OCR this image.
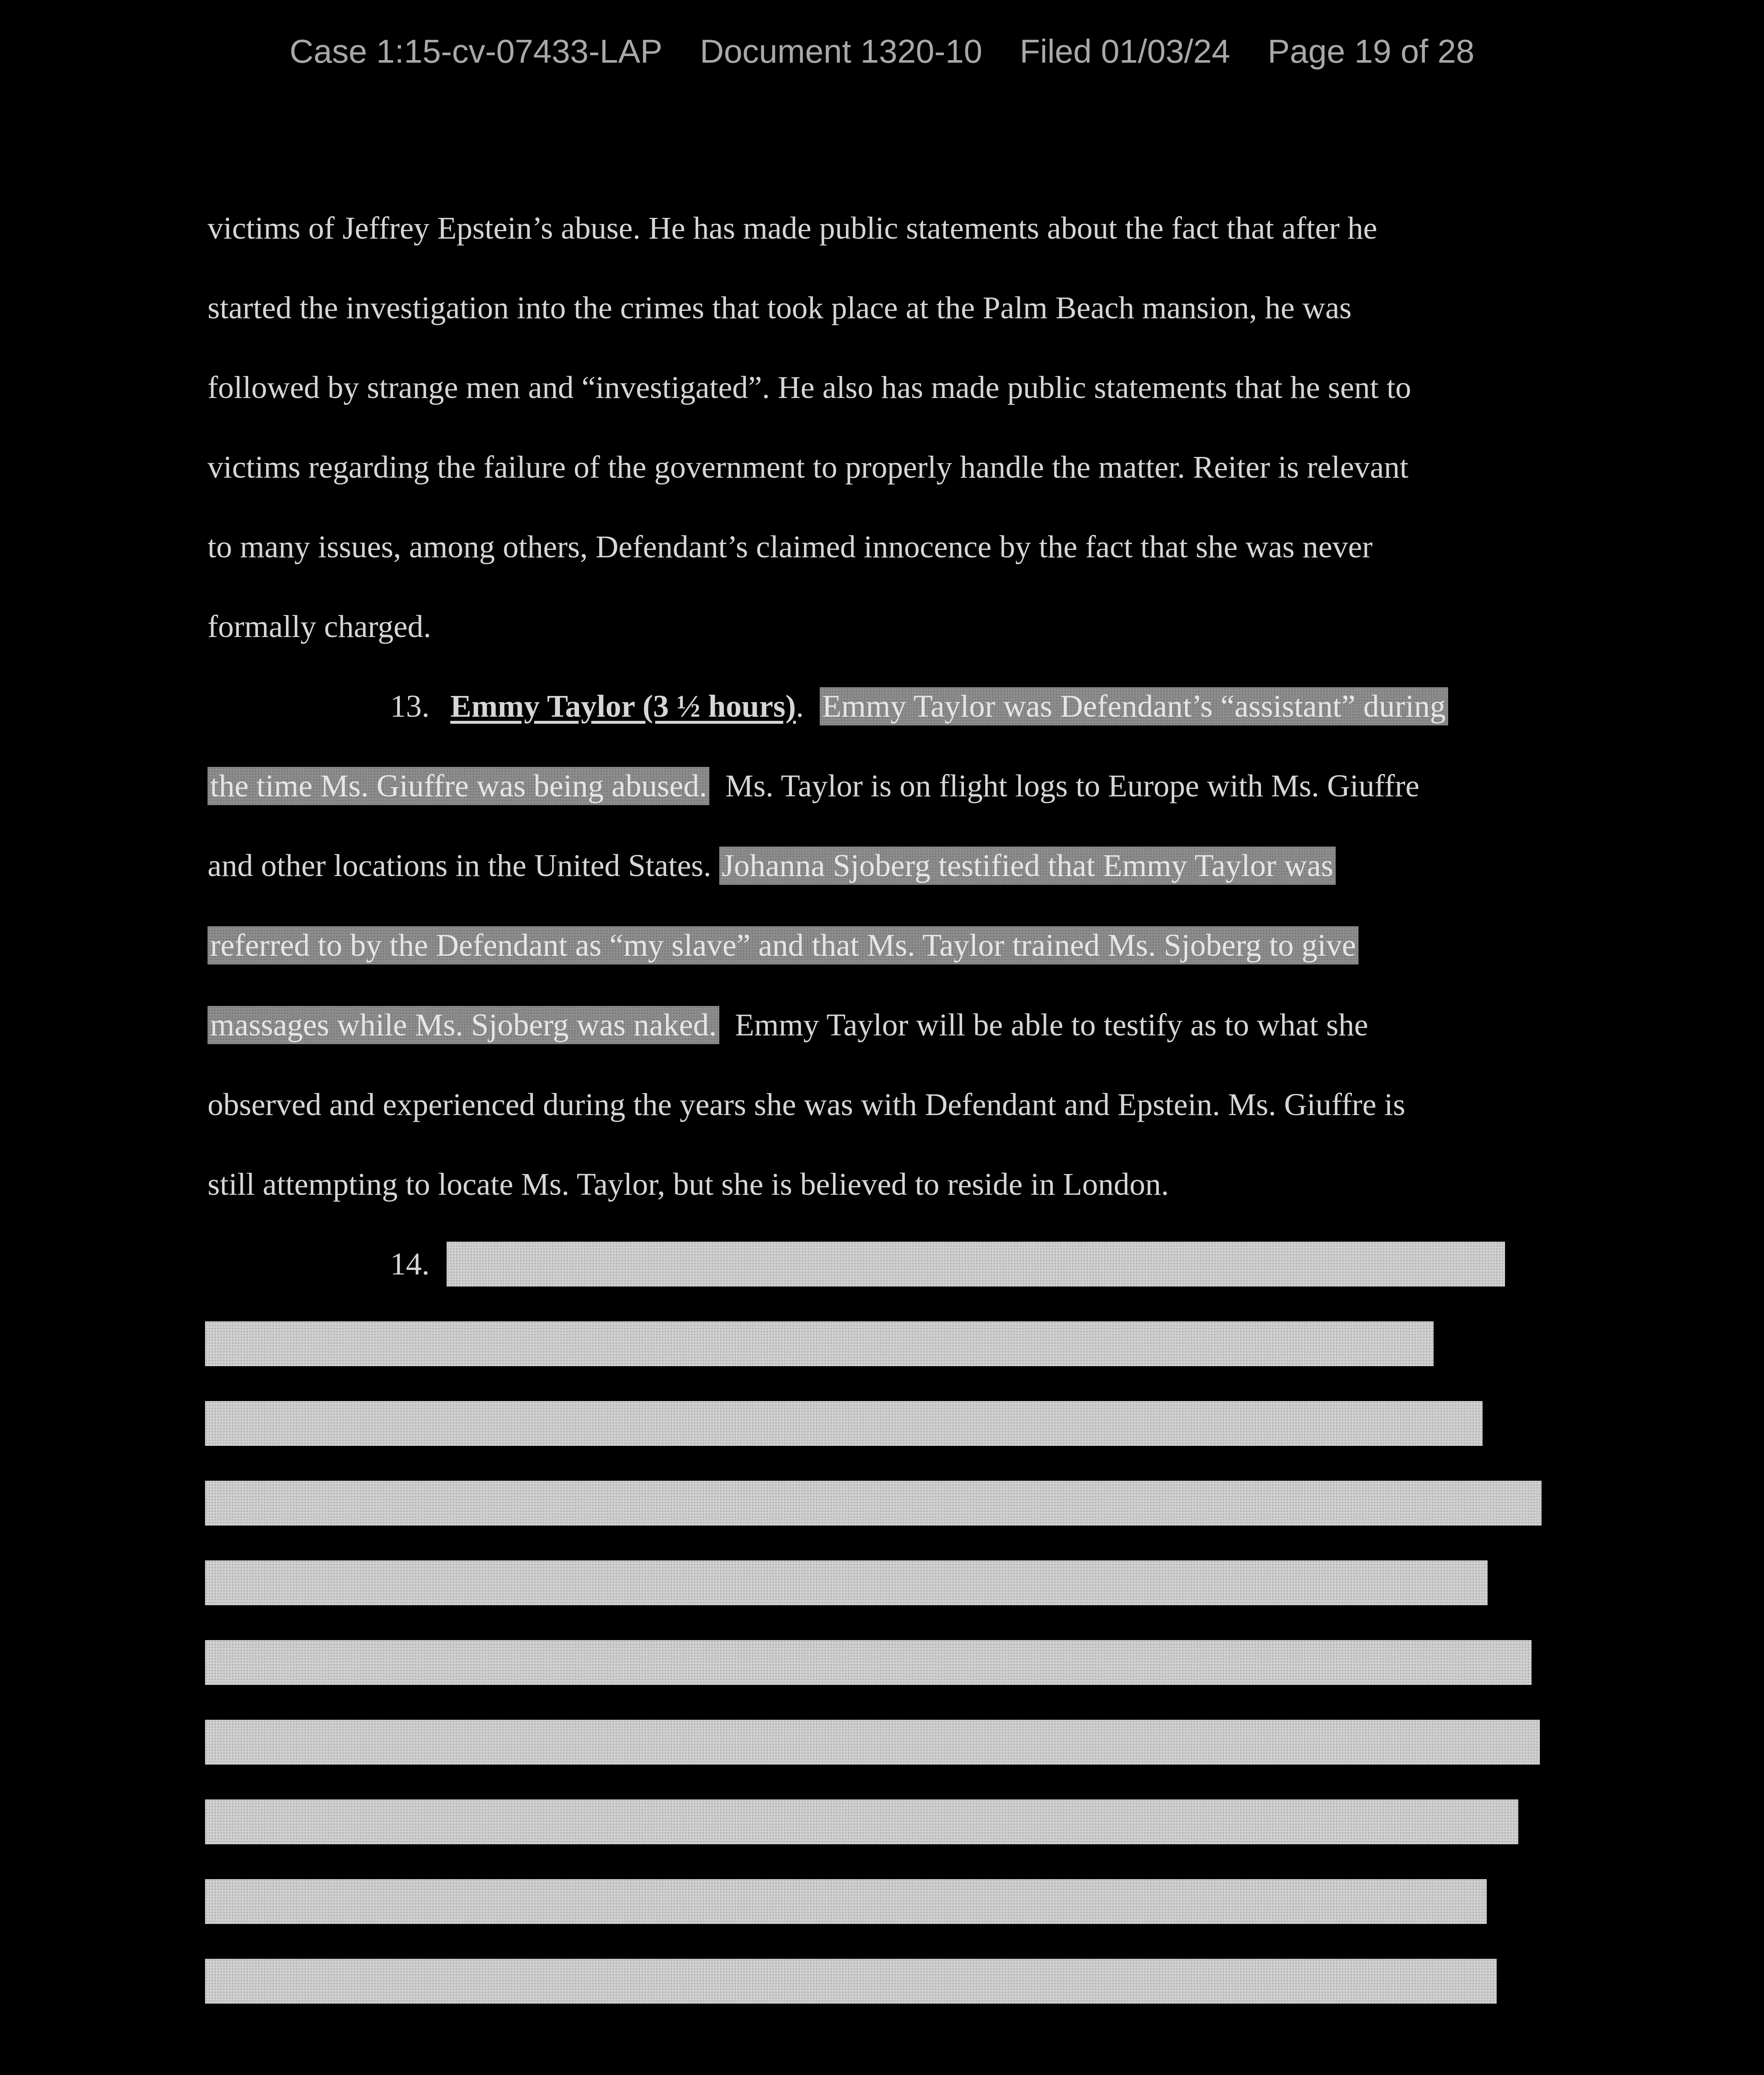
Case 1:15-cv-07433-LAP Document 1320-10 Filed 01/03/24 Page 19 of 28
victims of Jeffrey Epstein’s abuse. He has made public statements about the fact that after he
started the investigation into the crimes that took place at the Palm Beach mansion, he was
followed by strange men and “investigated”. He also has made public statements that he sent to
victims regarding the failure of the government to properly handle the matter. Reiter is relevant
to many issues, among others, Defendant’s claimed innocence by the fact that she was never
formally charged.
13. Emmy Taylor (3 ½ hours). Emmy Taylor was Defendant’s “assistant” during
the time Ms. Giuffre was being abused. Ms. Taylor is on flight logs to Europe with Ms. Giuffre
and other locations in the United States. Johanna Sjoberg testified that Emmy Taylor was
referred to by the Defendant as “my slave” and that Ms. Taylor trained Ms. Sjoberg to give
massages while Ms. Sjoberg was naked. Emmy Taylor will be able to testify as to what she
observed and experienced during the years she was with Defendant and Epstein. Ms. Giuffre is
still attempting to locate Ms. Taylor, but she is believed to reside in London.
14.
